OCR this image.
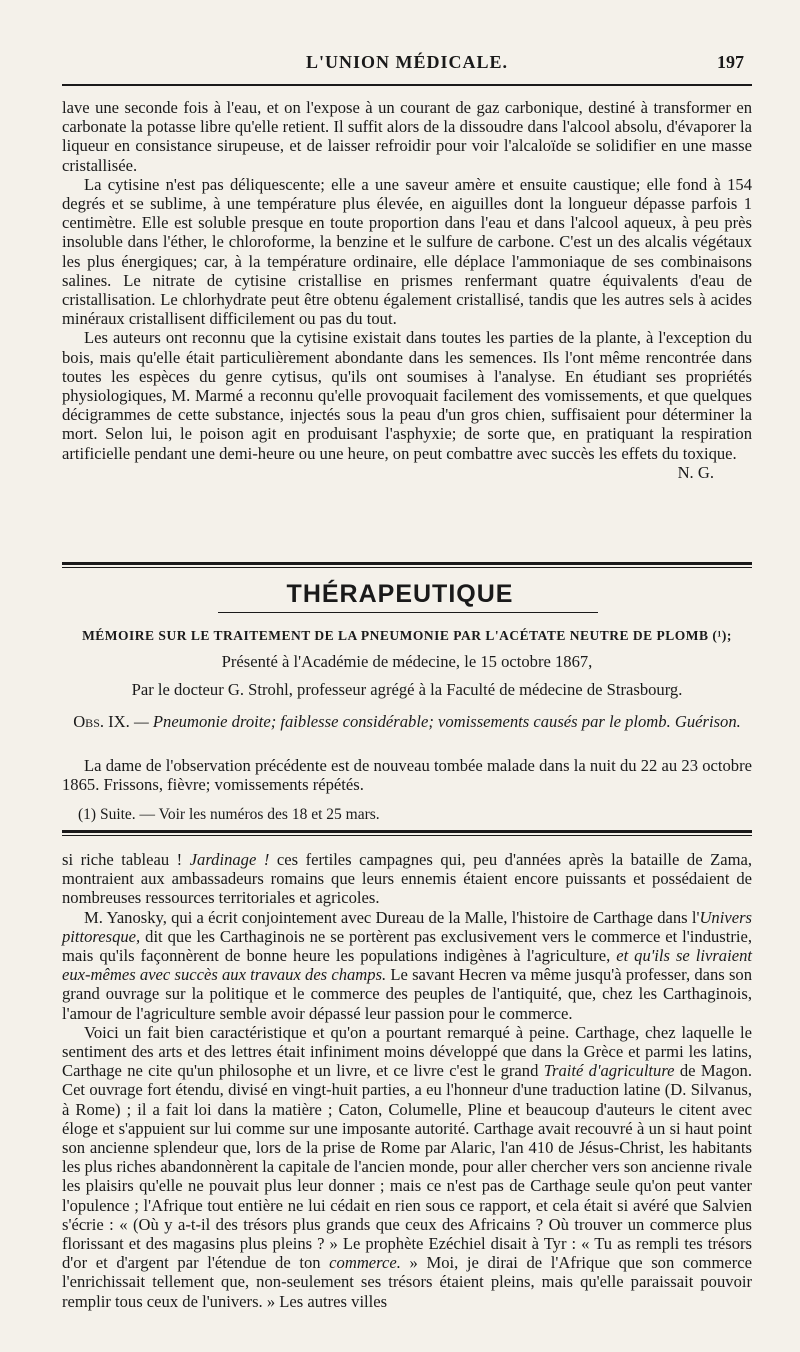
L'UNION MÉDICALE.	197

lave une seconde fois à l'eau, et on l'expose à un courant de gaz carbonique, destiné à transformer en carbonate la potasse libre qu'elle retient. Il suffit alors de la dissoudre dans l'alcool absolu, d'évaporer la liqueur en consistance sirupeuse, et de laisser refroidir pour voir l'alcaloïde se solidifier en une masse cristallisée.

La cytisine n'est pas déliquescente; elle a une saveur amère et ensuite caustique; elle fond à 154 degrés et se sublime, à une température plus élevée, en aiguilles dont la longueur dépasse parfois 1 centimètre. Elle est soluble presque en toute proportion dans l'eau et dans l'alcool aqueux, à peu près insoluble dans l'éther, le chloroforme, la benzine et le sulfure de carbone. C'est un des alcalis végétaux les plus énergiques; car, à la température ordinaire, elle déplace l'ammoniaque de ses combinaisons salines. Le nitrate de cytisine cristallise en prismes renfermant quatre équivalents d'eau de cristallisation. Le chlorhydrate peut être obtenu également cristallisé, tandis que les autres sels à acides minéraux cristallisent difficilement ou pas du tout.

Les auteurs ont reconnu que la cytisine existait dans toutes les parties de la plante, à l'exception du bois, mais qu'elle était particulièrement abondante dans les semences. Ils l'ont même rencontrée dans toutes les espèces du genre cytisus, qu'ils ont soumises à l'analyse. En étudiant ses propriétés physiologiques, M. Marmé a reconnu qu'elle provoquait facilement des vomissements, et que quelques décigrammes de cette substance, injectés sous la peau d'un gros chien, suffisaient pour déterminer la mort. Selon lui, le poison agit en produisant l'asphyxie; de sorte que, en pratiquant la respiration artificielle pendant une demi-heure ou une heure, on peut combattre avec succès les effets du toxique.
N. G.

THÉRAPEUTIQUE
MÉMOIRE SUR LE TRAITEMENT DE LA PNEUMONIE PAR L'ACÉTATE NEUTRE DE PLOMB (¹);
Présenté à l'Académie de médecine, le 15 octobre 1867,
Par le docteur G. Strohl, professeur agrégé à la Faculté de médecine de Strasbourg.
Obs. IX. — Pneumonie droite; faiblesse considérable; vomissements causés par le plomb. Guérison.

La dame de l'observation précédente est de nouveau tombée malade dans la nuit du 22 au 23 octobre 1865. Frissons, fièvre; vomissements répétés.

(1) Suite. — Voir les numéros des 18 et 25 mars.

si riche tableau ! Jardinage ! ces fertiles campagnes qui, peu d'années après la bataille de Zama, montraient aux ambassadeurs romains que leurs ennemis étaient encore puissants et possédaient de nombreuses ressources territoriales et agricoles.

M. Yanosky, qui a écrit conjointement avec Dureau de la Malle, l'histoire de Carthage dans l'Univers pittoresque, dit que les Carthaginois ne se portèrent pas exclusivement vers le commerce et l'industrie, mais qu'ils façonnèrent de bonne heure les populations indigènes à l'agriculture, et qu'ils se livraient eux-mêmes avec succès aux travaux des champs. Le savant Hecren va même jusqu'à professer, dans son grand ouvrage sur la politique et le commerce des peuples de l'antiquité, que, chez les Carthaginois, l'amour de l'agriculture semble avoir dépassé leur passion pour le commerce.

Voici un fait bien caractéristique et qu'on a pourtant remarqué à peine. Carthage, chez laquelle le sentiment des arts et des lettres était infiniment moins développé que dans la Grèce et parmi les latins, Carthage ne cite qu'un philosophe et un livre, et ce livre c'est le grand Traité d'agriculture de Magon. Cet ouvrage fort étendu, divisé en vingt-huit parties, a eu l'honneur d'une traduction latine (D. Silvanus, à Rome) ; il a fait loi dans la matière ; Caton, Columelle, Pline et beaucoup d'auteurs le citent avec éloge et s'appuient sur lui comme sur une imposante autorité. Carthage avait recouvré à un si haut point son ancienne splendeur que, lors de la prise de Rome par Alaric, l'an 410 de Jésus-Christ, les habitants les plus riches abandonnèrent la capitale de l'ancien monde, pour aller chercher vers son ancienne rivale les plaisirs qu'elle ne pouvait plus leur donner ; mais ce n'est pas de Carthage seule qu'on peut vanter l'opulence ; l'Afrique tout entière ne lui cédait en rien sous ce rapport, et cela était si avéré que Salvien s'écrie : « (Où y a-t-il des trésors plus grands que ceux des Africains ? Où trouver un commerce plus florissant et des magasins plus pleins ? » Le prophète Ezéchiel disait à Tyr : « Tu as rempli tes trésors d'or et d'argent par l'étendue de ton commerce. » Moi, je dirai de l'Afrique que son commerce l'enrichissait tellement que, non-seulement ses trésors étaient pleins, mais qu'elle paraissait pouvoir remplir tous ceux de l'univers. » Les autres villes
